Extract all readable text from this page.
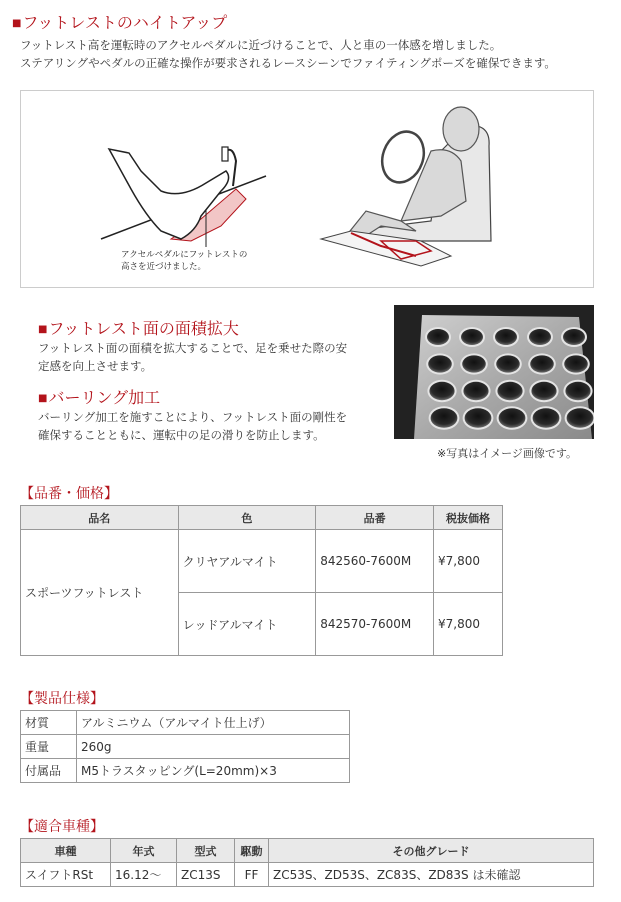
■フットレストのハイトアップ
フットレスト高を運転時のアクセルペダルに近づけることで、人と車の一体感を増しました。
ステアリングやペダルの正確な操作が要求されるレースシーンでファイティングポーズを確保できます。
アクセルペダルにフットレストの
高さを近づけました。
■フットレスト面の面積拡大
フットレスト面の面積を拡大することで、足を乗せた際の安
定感を向上させます。
■バーリング加工
バーリング加工を施すことにより、フットレスト面の剛性を
確保することともに、運転中の足の滑りを防止します。
※写真はイメージ画像です。
【品番・価格】
品名	色	品番	税抜価格
スポーツフットレスト	クリヤアルマイト	842560-7600M	¥7,800
	レッドアルマイト	842570-7600M	¥7,800
【製品仕様】
材質	アルミニウム（アルマイト仕上げ）
重量	260g
付属品	M5トラスタッピング(L=20mm)×3
【適合車種】
車種	年式	型式	駆動	その他グレード
スイフトRSt	16.12～	ZC13S	FF	ZC53S、ZD53S、ZC83S、ZD83S は未確認
